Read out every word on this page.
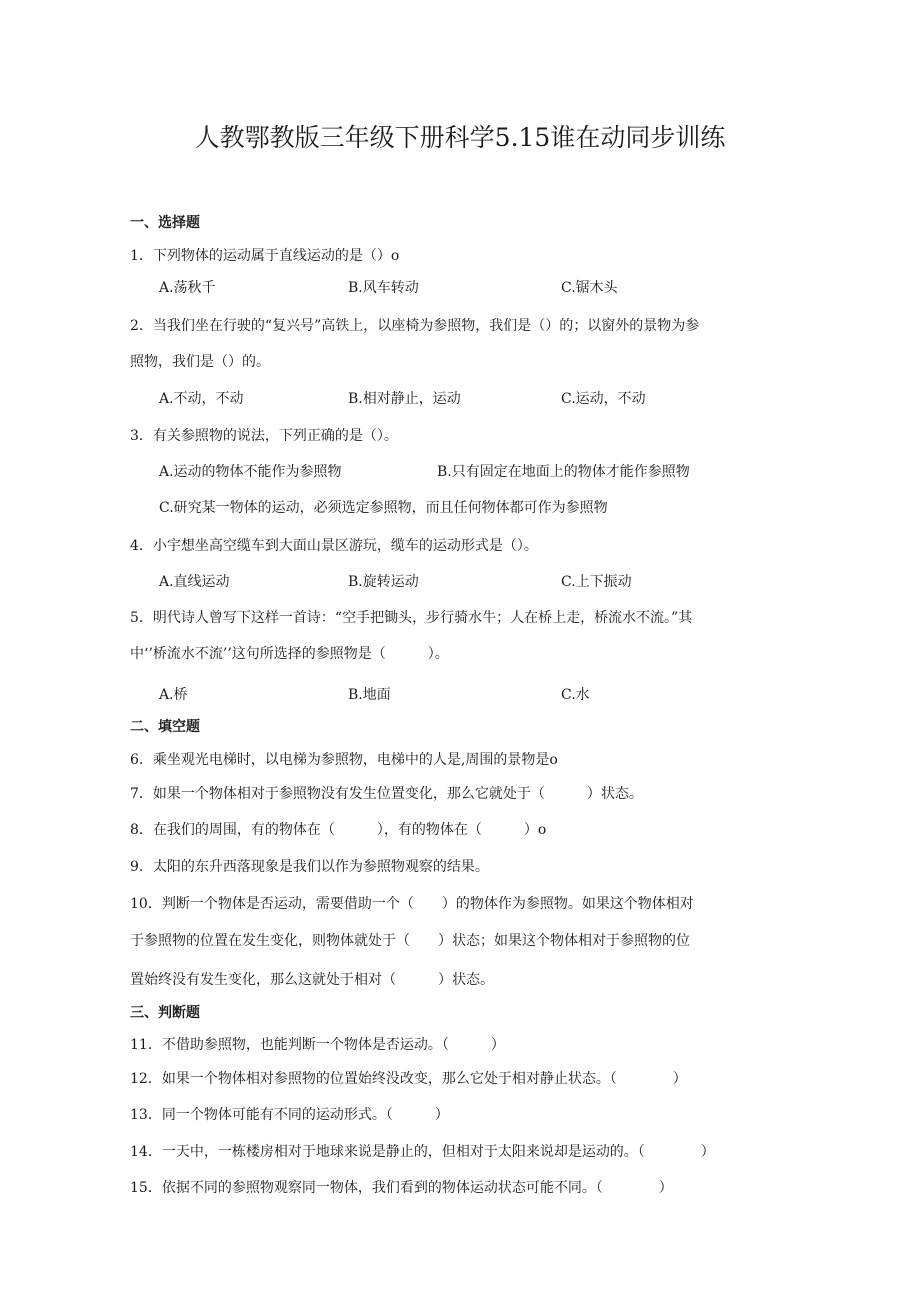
人教鄂教版三年级下册科学5.15谁在动同步训练
一、选择题
1．下列物体的运动属于直线运动的是（）o
A.荡秋千	B.风车转动	C.锯木头
2．当我们坐在行驶的“复兴号”高铁上，以座椅为参照物，我们是（）的；以窗外的景物为参
照物，我们是（）的。
A.不动，不动	B.相对静止，运动	C.运动，不动
3．有关参照物的说法，下列正确的是（）。
A.运动的物体不能作为参照物	B.只有固定在地面上的物体才能作参照物
C.研究某一物体的运动，必须选定参照物，而且任何物体都可作为参照物
4．小宇想坐高空缆车到大面山景区游玩，缆车的运动形式是（）。
A.直线运动	B.旋转运动	C.上下振动
5．明代诗人曾写下这样一首诗：“空手把锄头，步行骑水牛；人在桥上走，桥流水不流。”其
中‘’桥流水不流’’这句所选择的参照物是（　　　）。
A.桥	B.地面	C.水
二、填空题
6．乘坐观光电梯时，以电梯为参照物，电梯中的人是,周围的景物是o
7．如果一个物体相对于参照物没有发生位置变化，那么它就处于（　　　）状态。
8．在我们的周围，有的物体在（　　　），有的物体在（　　　）o
9．太阳的东升西落现象是我们以作为参照物观察的结果。
10．判断一个物体是否运动，需要借助一个（　　）的物体作为参照物。如果这个物体相对
于参照物的位置在发生变化，则物体就处于（　　）状态；如果这个物体相对于参照物的位
置始终没有发生变化，那么这就处于相对（　　　）状态。
三、判断题
11．不借助参照物，也能判断一个物体是否运动。（　　　）
12．如果一个物体相对参照物的位置始终没改变，那么它处于相对静止状态。（　　　　）
13．同一个物体可能有不同的运动形式。（　　　）
14．一天中，一栋楼房相对于地球来说是静止的，但相对于太阳来说却是运动的。（　　　　）
15．依据不同的参照物观察同一物体，我们看到的物体运动状态可能不同。（　　　　）
